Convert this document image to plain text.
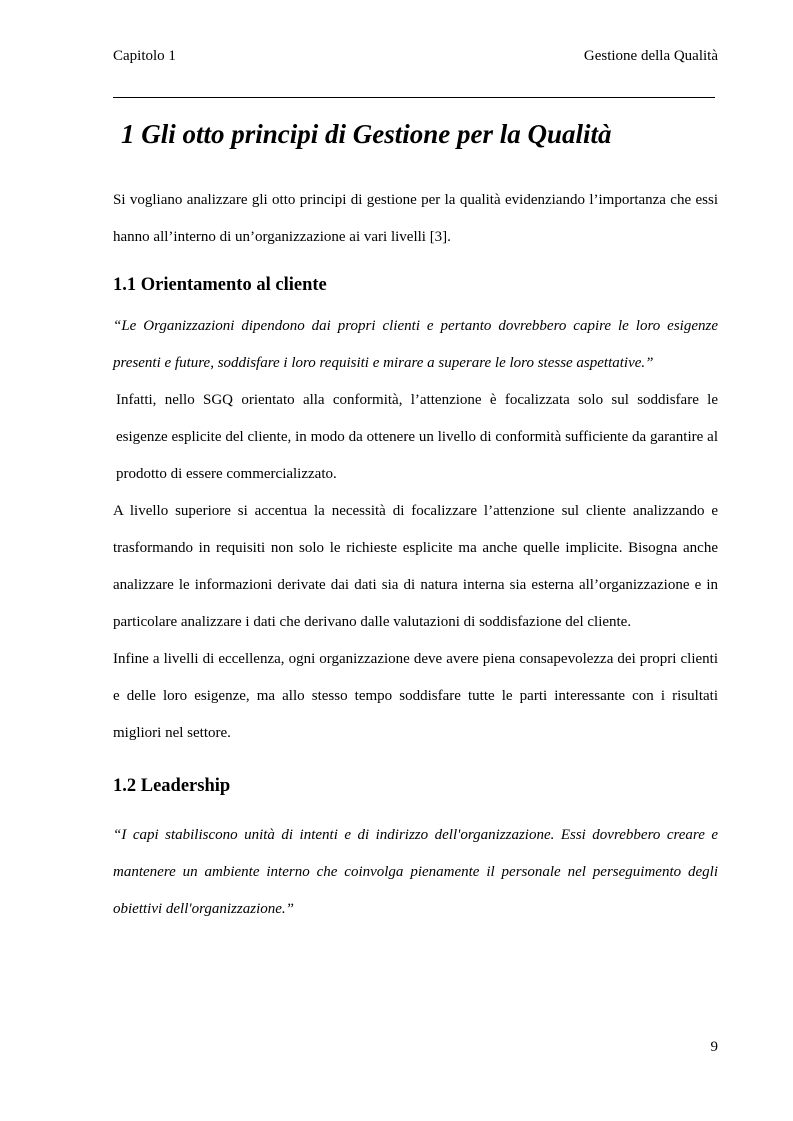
Capitolo 1	Gestione della Qualità
1 Gli otto principi di Gestione per la Qualità

Si vogliano analizzare gli otto principi di gestione per la qualità evidenziando l’importanza che essi hanno all’interno di un’organizzazione ai vari livelli [3].

1.1 Orientamento al cliente

“Le Organizzazioni dipendono dai propri clienti e pertanto dovrebbero capire le loro esigenze presenti e future, soddisfare i loro requisiti e mirare a superare le loro stesse aspettative.”

Infatti, nello SGQ orientato alla conformità, l’attenzione è focalizzata solo sul soddisfare le esigenze esplicite del cliente, in modo da ottenere un livello di conformità sufficiente da garantire al prodotto di essere commercializzato.

A livello superiore si accentua la necessità di focalizzare l’attenzione sul cliente analizzando e trasformando in requisiti non solo le richieste esplicite ma anche quelle implicite. Bisogna anche analizzare le informazioni derivate dai dati sia di natura interna sia esterna all’organizzazione e in particolare analizzare i dati che derivano dalle valutazioni di soddisfazione del cliente.

Infine a livelli di eccellenza, ogni organizzazione deve avere piena consapevolezza dei propri clienti e delle loro esigenze, ma allo stesso tempo soddisfare tutte le parti interessante con i risultati migliori nel settore.

1.2 Leadership

“I capi stabiliscono unità di intenti e di indirizzo dell'organizzazione. Essi dovrebbero creare e mantenere un ambiente interno che coinvolga pienamente il personale nel perseguimento degli obiettivi dell'organizzazione.”

9
